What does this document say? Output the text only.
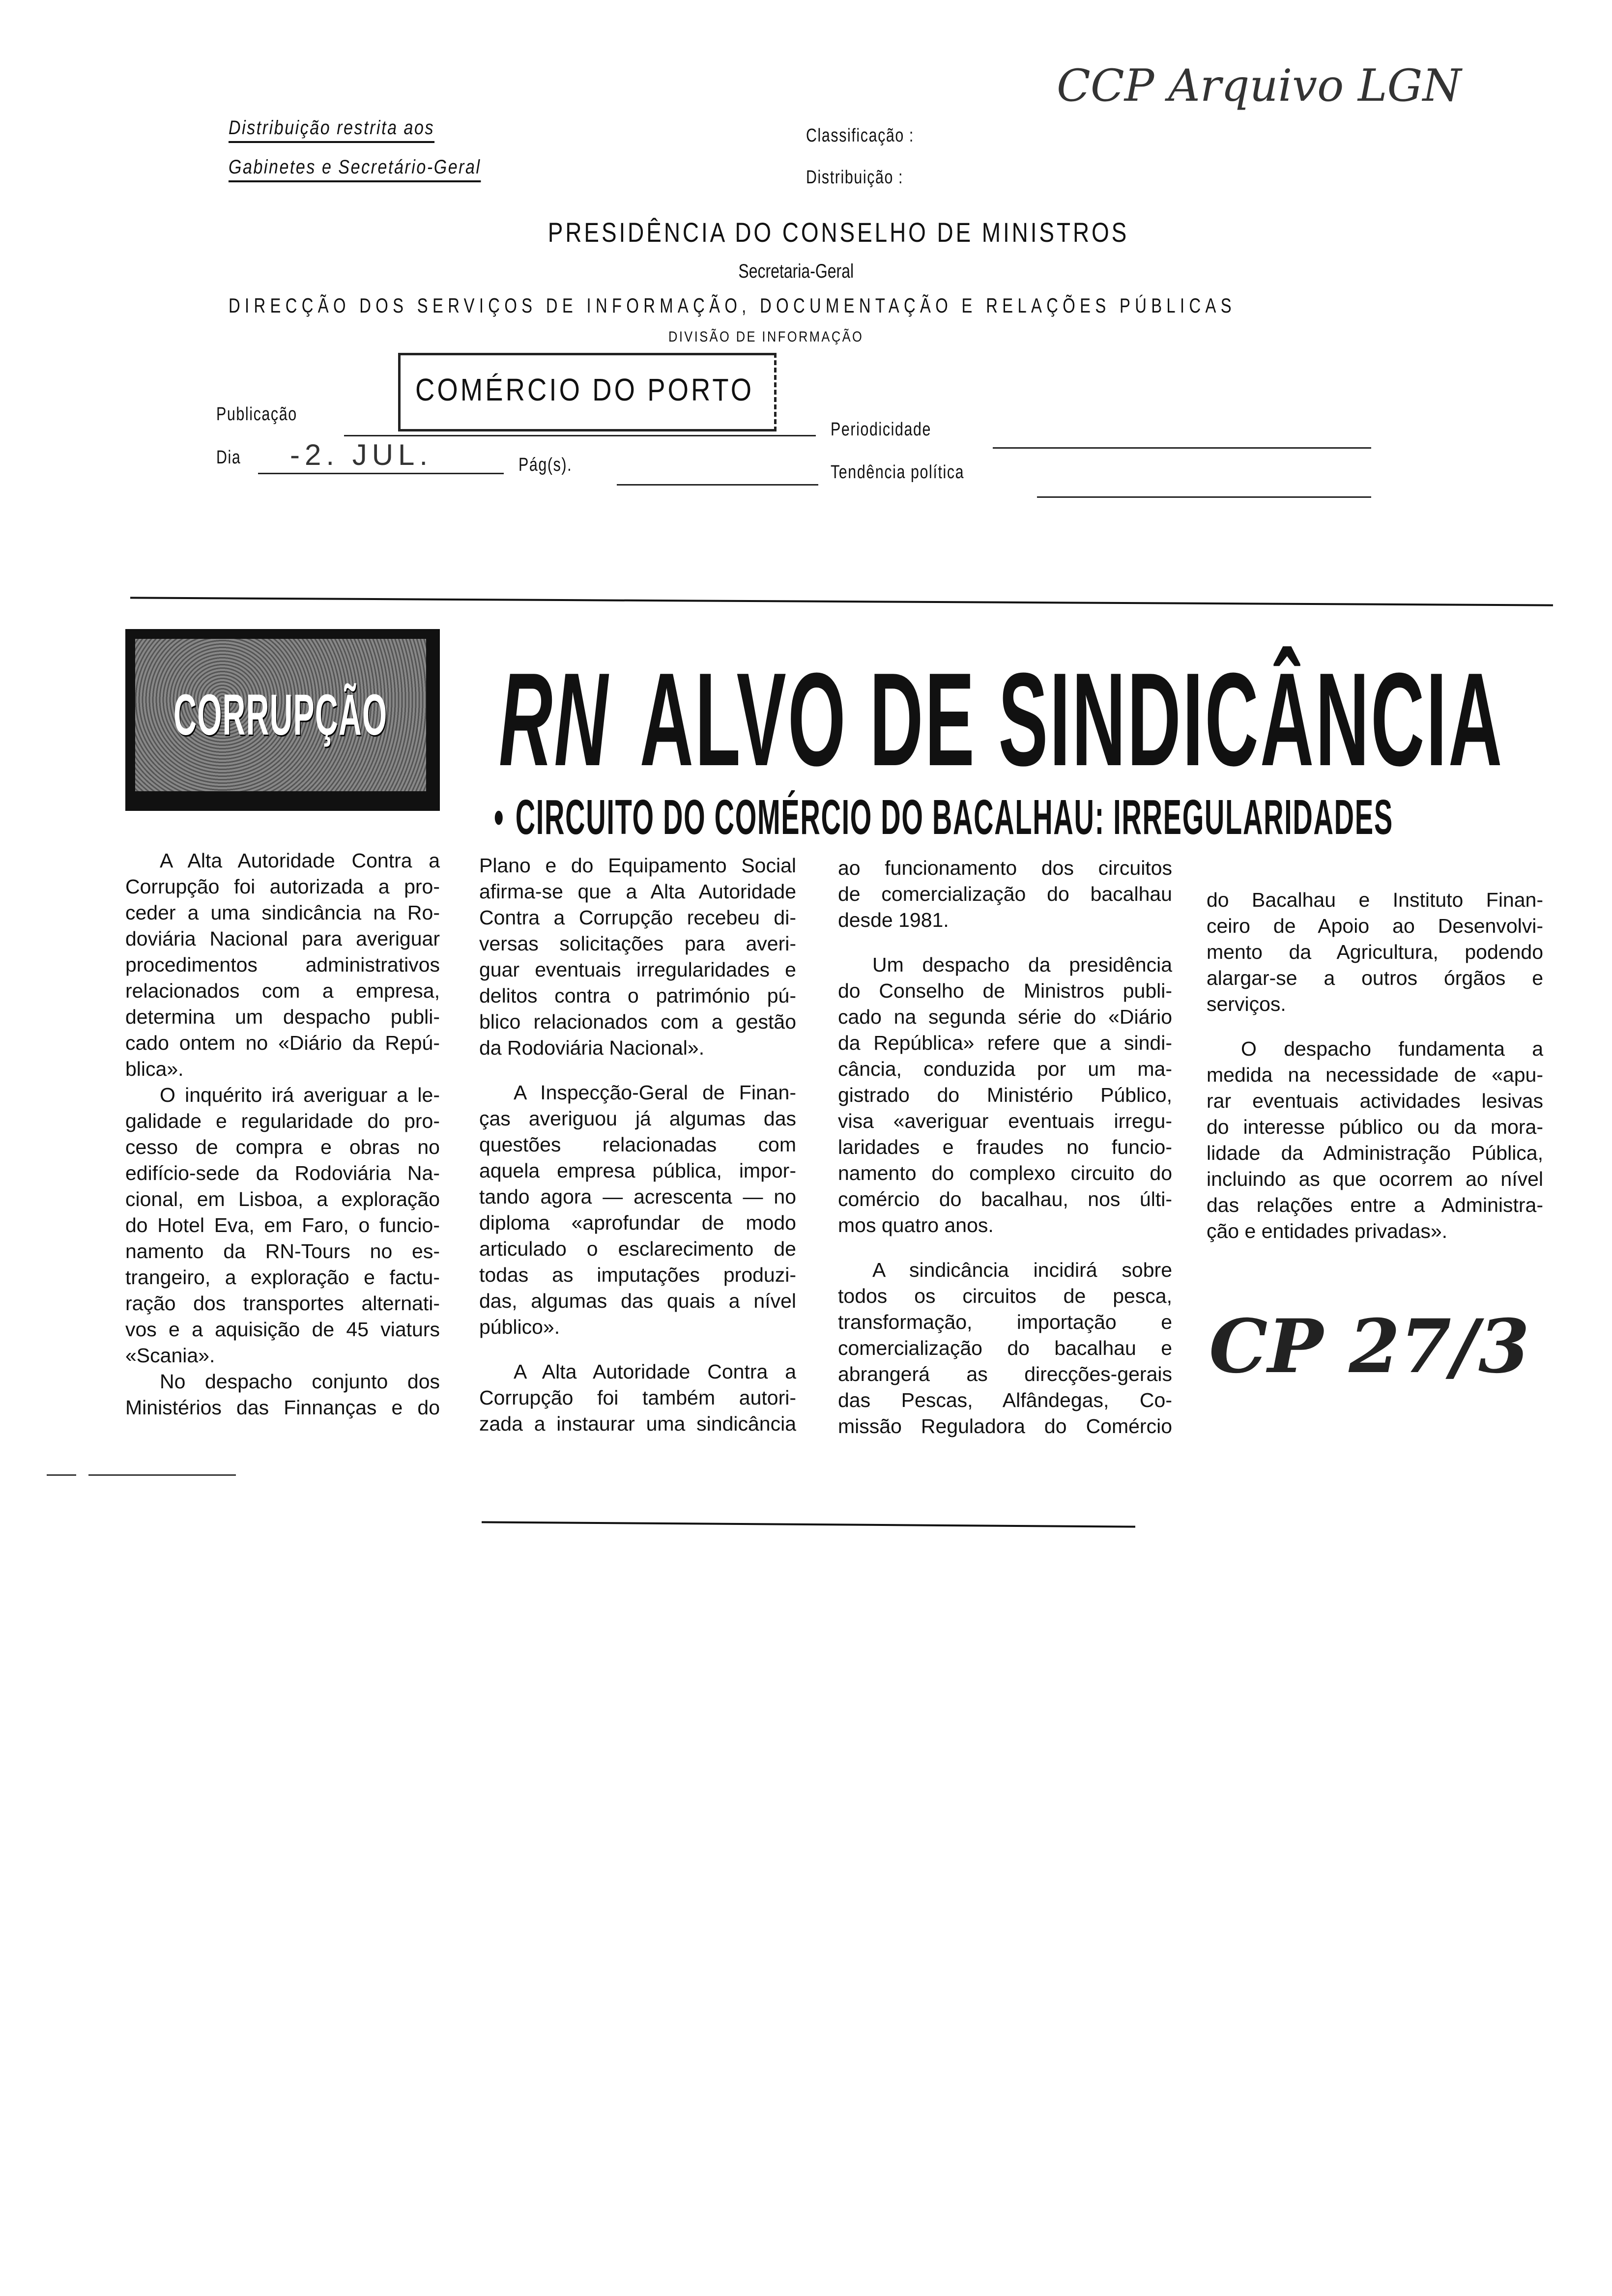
Distribuição restrita aos
Gabinetes e Secretário-Geral
Classificação :
Distribuição :
CCP Arquivo LGN
PRESIDÊNCIA DO CONSELHO DE MINISTROS
Secretaria-Geral
DIRECÇÃO DOS SERVIÇOS DE INFORMAÇÃO, DOCUMENTAÇÃO E RELAÇÕES PÚBLICAS
DIVISÃO DE INFORMAÇÃO
COMÉRCIO DO PORTO
Publicação
Periodicidade
Dia -2. JUL.	Pág(s).	Tendência política
CORRUPÇÃO RN ALVO DE SINDICÂNCIA
• CIRCUITO DO COMÉRCIO DO BACALHAU: IRREGULARIDADES
A Alta Autoridade Contra a
Corrupção foi autorizada a pro-
ceder a uma sindicância na Ro-
doviária Nacional para averiguar
procedimentos administrativos
relacionados com a empresa,
determina um despacho publi-
cado ontem no «Diário da Repú-
blica».
O inquérito irá averiguar a le-
galidade e regularidade do pro-
cesso de compra e obras no
edifício-sede da Rodoviária Na-
cional, em Lisboa, a exploração
do Hotel Eva, em Faro, o funcio-
namento da RN-Tours no es-
trangeiro, a exploração e factu-
ração dos transportes alternati-
vos e a aquisição de 45 viaturs
«Scania».
No despacho conjunto dos
Ministérios das Finnanças e do
Plano e do Equipamento Social
afirma-se que a Alta Autoridade
Contra a Corrupção recebeu di-
versas solicitações para averi-
guar eventuais irregularidades e
delitos contra o património pú-
blico relacionados com a gestão
da Rodoviária Nacional».
A Inspecção-Geral de Finan-
ças averiguou já algumas das
questões relacionadas com
aquela empresa pública, impor-
tando agora — acrescenta — no
diploma «aprofundar de modo
articulado o esclarecimento de
todas as imputações produzi-
das, algumas das quais a nível
público».
A Alta Autoridade Contra a
Corrupção foi também autori-
zada a instaurar uma sindicância
ao funcionamento dos circuitos
de comercialização do bacalhau
desde 1981.
Um despacho da presidência
do Conselho de Ministros publi-
cado na segunda série do «Diário
da República» refere que a sindi-
cância, conduzida por um ma-
gistrado do Ministério Público,
visa «averiguar eventuais irregu-
laridades e fraudes no funcio-
namento do complexo circuito do
comércio do bacalhau, nos últi-
mos quatro anos.
A sindicância incidirá sobre
todos os circuitos de pesca,
transformação, importação e
comercialização do bacalhau e
abrangerá as direcções-gerais
das Pescas, Alfândegas, Co-
missão Reguladora do Comércio
do Bacalhau e Instituto Finan-
ceiro de Apoio ao Desenvolvi-
mento da Agricultura, podendo
alargar-se a outros órgãos e
serviços.
O despacho fundamenta a
medida na necessidade de «apu-
rar eventuais actividades lesivas
do interesse público ou da mora-
lidade da Administração Pública,
incluindo as que ocorrem ao nível
das relações entre a Administra-
ção e entidades privadas».
CP 27/3
